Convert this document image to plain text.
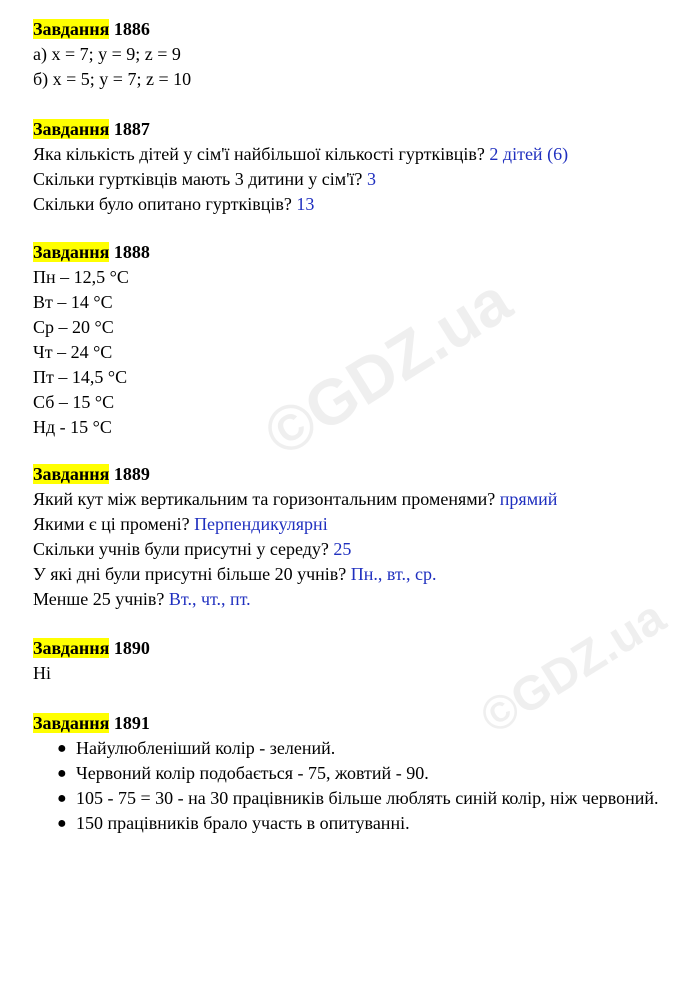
©GDZ.ua
©GDZ.ua
Завдання 1886
а) x = 7; y = 9; z = 9
б) x = 5; y = 7; z = 10
Завдання 1887
Яка кількість дітей у сім'ї найбільшої кількості гуртківців? 2 дітей (6)
Скільки гуртківців мають 3 дитини у сім'ї? 3
Скільки було опитано гуртківців? 13
Завдання 1888
Пн – 12,5 °С
Вт – 14 °С
Ср – 20 °С
Чт – 24 °С
Пт – 14,5 °С
Сб – 15 °С
Нд - 15 °С
Завдання 1889
Який кут між вертикальним та горизонтальним променями? прямий
Якими є ці промені? Перпендикулярні
Скільки учнів були присутні у середу? 25
У які дні були присутні більше 20 учнів? Пн., вт., ср.
Менше 25 учнів? Вт., чт., пт.
Завдання 1890
Ні
Завдання 1891
● Найулюбленіший колір - зелений.
● Червоний колір подобається - 75, жовтий - 90.
● 105 - 75 = 30 - на 30 працівників більше люблять синій колір, ніж червоний.
● 150 працівників брало участь в опитуванні.
